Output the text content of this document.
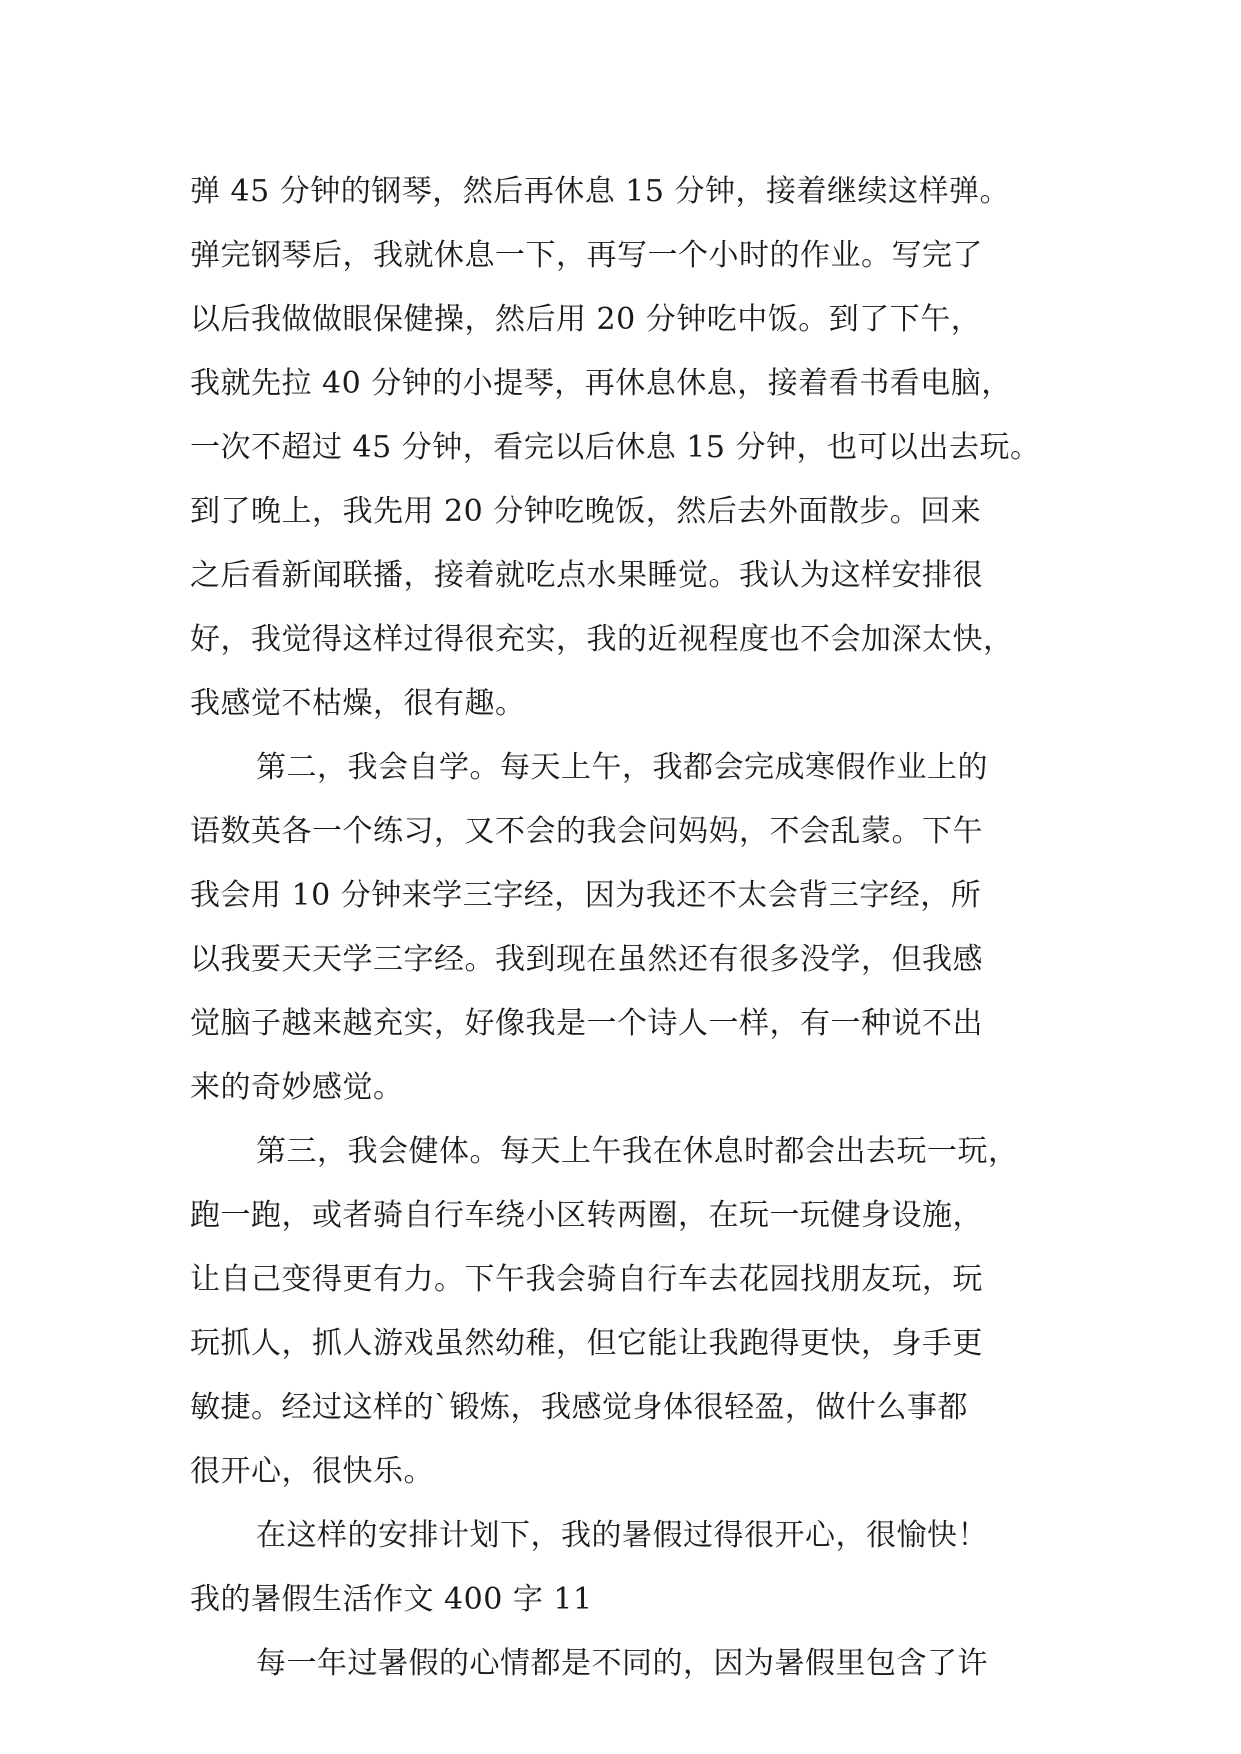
弹 45 分钟的钢琴，然后再休息 15 分钟，接着继续这样弹。

弹完钢琴后，我就休息一下，再写一个小时的作业。写完了

以后我做做眼保健操，然后用 20 分钟吃中饭。到了下午，

我就先拉 40 分钟的小提琴，再休息休息，接着看书看电脑，

一次不超过 45 分钟，看完以后休息 15 分钟，也可以出去玩。

到了晚上，我先用 20 分钟吃晚饭，然后去外面散步。回来

之后看新闻联播，接着就吃点水果睡觉。我认为这样安排很

好，我觉得这样过得很充实，我的近视程度也不会加深太快，

我感觉不枯燥，很有趣。

第二，我会自学。每天上午，我都会完成寒假作业上的

语数英各一个练习，又不会的我会问妈妈，不会乱蒙。下午

我会用 10 分钟来学三字经，因为我还不太会背三字经，所

以我要天天学三字经。我到现在虽然还有很多没学，但我感

觉脑子越来越充实，好像我是一个诗人一样，有一种说不出

来的奇妙感觉。

第三，我会健体。每天上午我在休息时都会出去玩一玩，

跑一跑，或者骑自行车绕小区转两圈，在玩一玩健身设施，

让自己变得更有力。下午我会骑自行车去花园找朋友玩，玩

玩抓人，抓人游戏虽然幼稚，但它能让我跑得更快，身手更

敏捷。经过这样的`锻炼，我感觉身体很轻盈，做什么事都

很开心，很快乐。

在这样的安排计划下，我的暑假过得很开心，很愉快！

我的暑假生活作文 400 字 11

每一年过暑假的心情都是不同的，因为暑假里包含了许
